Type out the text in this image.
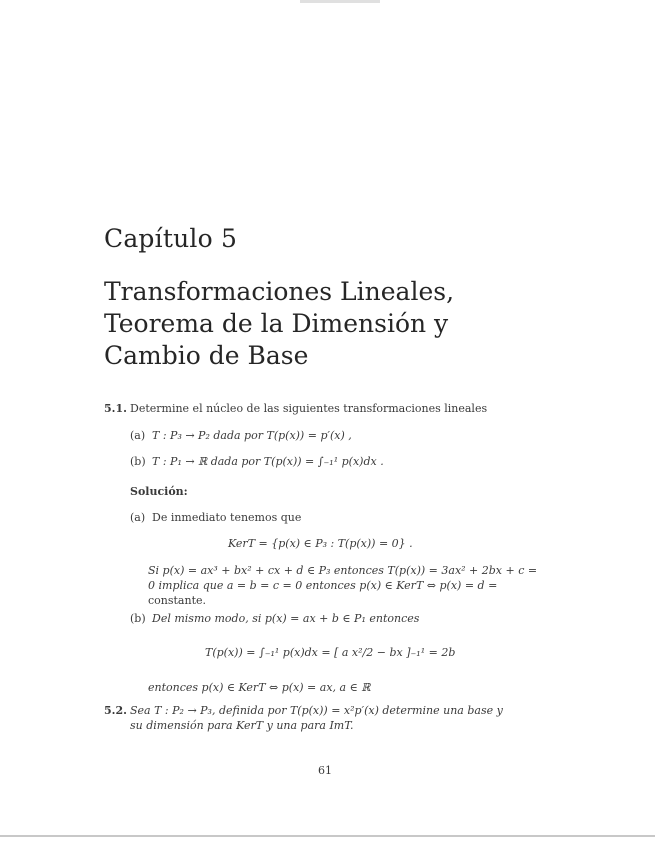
Capítulo 5
Transformaciones Lineales,
Teorema de la Dimensión y
Cambio de Base
5.1. Determine el núcleo de las siguientes transformaciones lineales
(a) T : P₃ → P₂ dada por T(p(x)) = p′(x) ,
(b) T : P₁ → ℝ dada por T(p(x)) = ∫₋₁¹ p(x)dx .
Solución:
(a) De inmediato tenemos que
KerT = {p(x) ∈ P₃ : T(p(x)) = 0} .
Si p(x) = ax³ + bx² + cx + d ∈ P₃ entonces T(p(x)) = 3ax² + 2bx + c =
0 implica que a = b = c = 0 entonces p(x) ∈ KerT ⇔ p(x) = d =
constante.
(b) Del mismo modo, si p(x) = ax + b ∈ P₁ entonces
T(p(x)) = ∫₋₁¹ p(x)dx = [ a x²/2 − bx ]₋₁¹ = 2b
entonces p(x) ∈ KerT ⇔ p(x) = ax, a ∈ ℝ
5.2. Sea T : P₂ → P₃, definida por T(p(x)) = x²p′(x) determine una base y
su dimensión para KerT y una para ImT.
61
